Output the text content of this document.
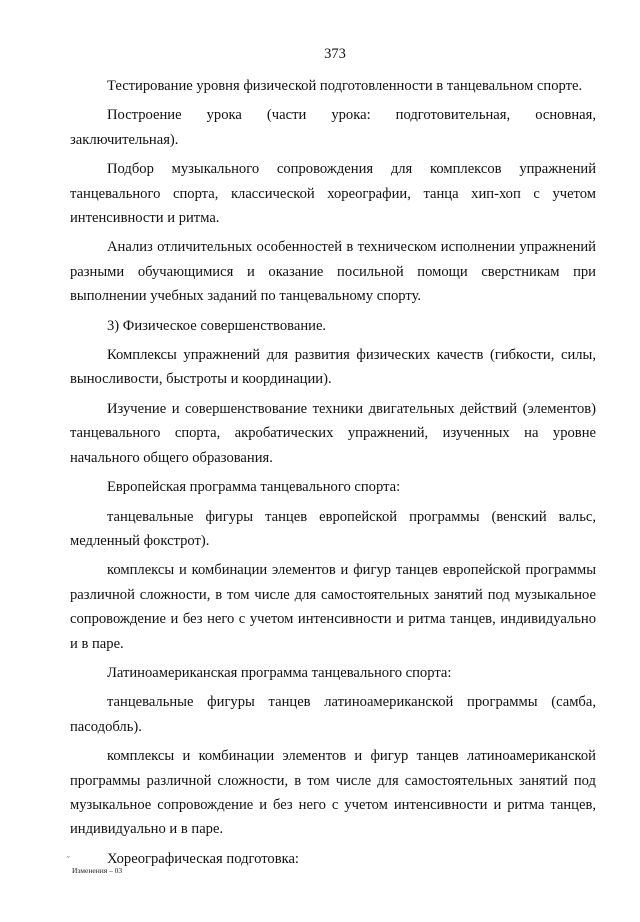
373

Тестирование уровня физической подготовленности в танцевальном спорте.

Построение урока (части урока: подготовительная, основная, заключительная).

Подбор музыкального сопровождения для комплексов упражнений танцевального спорта, классической хореографии, танца хип-хоп с учетом интенсивности и ритма.

Анализ отличительных особенностей в техническом исполнении упражнений разными обучающимися и оказание посильной помощи сверстникам при выполнении учебных заданий по танцевальному спорту.

3) Физическое совершенствование.

Комплексы упражнений для развития физических качеств (гибкости, силы, выносливости, быстроты и координации).

Изучение и совершенствование техники двигательных действий (элементов) танцевального спорта, акробатических упражнений, изученных на уровне начального общего образования.

Европейская программа танцевального спорта:

танцевальные фигуры танцев европейской программы (венский вальс, медленный фокстрот).

комплексы и комбинации элементов и фигур танцев европейской программы различной сложности, в том числе для самостоятельных занятий под музыкальное сопровождение и без него с учетом интенсивности и ритма танцев, индивидуально и в паре.

Латиноамериканская программа танцевального спорта:

танцевальные фигуры танцев латиноамериканской программы (самба, пасодобль).

комплексы и комбинации элементов и фигур танцев латиноамериканской программы различной сложности, в том числе для самостоятельных занятий под музыкальное сопровождение и без него с учетом интенсивности и ритма танцев, индивидуально и в паре.

Хореографическая подготовка:

ˇ
Изменения – 03
